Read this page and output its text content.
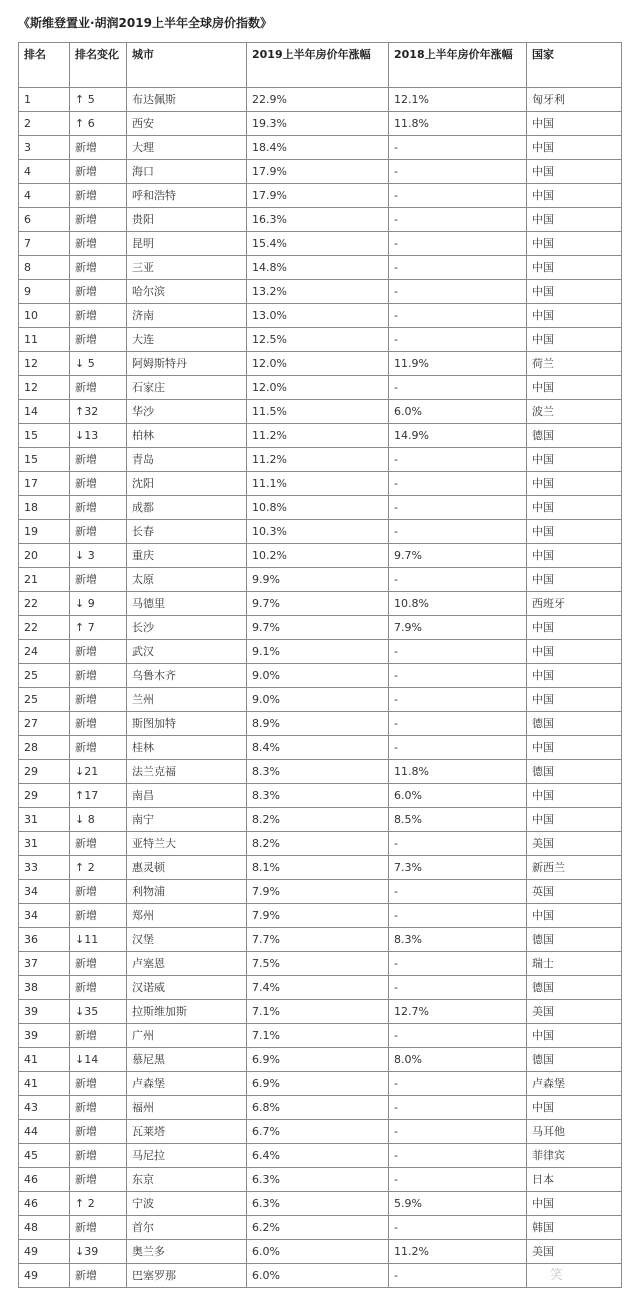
《斯维登置业·胡润2019上半年全球房价指数》
排名	排名变化	城市	2019上半年房价年涨幅	2018上半年房价年涨幅	国家
1	↑ 5	布达佩斯	22.9%	12.1%	匈牙利
2	↑ 6	西安	19.3%	11.8%	中国
3	新增	大理	18.4%	-	中国
4	新增	海口	17.9%	-	中国
4	新增	呼和浩特	17.9%	-	中国
6	新增	贵阳	16.3%	-	中国
7	新增	昆明	15.4%	-	中国
8	新增	三亚	14.8%	-	中国
9	新增	哈尔滨	13.2%	-	中国
10	新增	济南	13.0%	-	中国
11	新增	大连	12.5%	-	中国
12	↓ 5	阿姆斯特丹	12.0%	11.9%	荷兰
12	新增	石家庄	12.0%	-	中国
14	↑32	华沙	11.5%	6.0%	波兰
15	↓13	柏林	11.2%	14.9%	德国
15	新增	青岛	11.2%	-	中国
17	新增	沈阳	11.1%	-	中国
18	新增	成都	10.8%	-	中国
19	新增	长春	10.3%	-	中国
20	↓ 3	重庆	10.2%	9.7%	中国
21	新增	太原	9.9%	-	中国
22	↓ 9	马德里	9.7%	10.8%	西班牙
22	↑ 7	长沙	9.7%	7.9%	中国
24	新增	武汉	9.1%	-	中国
25	新增	乌鲁木齐	9.0%	-	中国
25	新增	兰州	9.0%	-	中国
27	新增	斯图加特	8.9%	-	德国
28	新增	桂林	8.4%	-	中国
29	↓21	法兰克福	8.3%	11.8%	德国
29	↑17	南昌	8.3%	6.0%	中国
31	↓ 8	南宁	8.2%	8.5%	中国
31	新增	亚特兰大	8.2%	-	美国
33	↑ 2	惠灵顿	8.1%	7.3%	新西兰
34	新增	利物浦	7.9%	-	英国
34	新增	郑州	7.9%	-	中国
36	↓11	汉堡	7.7%	8.3%	德国
37	新增	卢塞恩	7.5%	-	瑞士
38	新增	汉诺威	7.4%	-	德国
39	↓35	拉斯维加斯	7.1%	12.7%	美国
39	新增	广州	7.1%	-	中国
41	↓14	慕尼黑	6.9%	8.0%	德国
41	新增	卢森堡	6.9%	-	卢森堡
43	新增	福州	6.8%	-	中国
44	新增	瓦莱塔	6.7%	-	马耳他
45	新增	马尼拉	6.4%	-	菲律宾
46	新增	东京	6.3%	-	日本
46	↑ 2	宁波	6.3%	5.9%	中国
48	新增	首尔	6.2%	-	韩国
49	↓39	奥兰多	6.0%	11.2%	美国
49	新增	巴塞罗那	6.0%	-		笑
